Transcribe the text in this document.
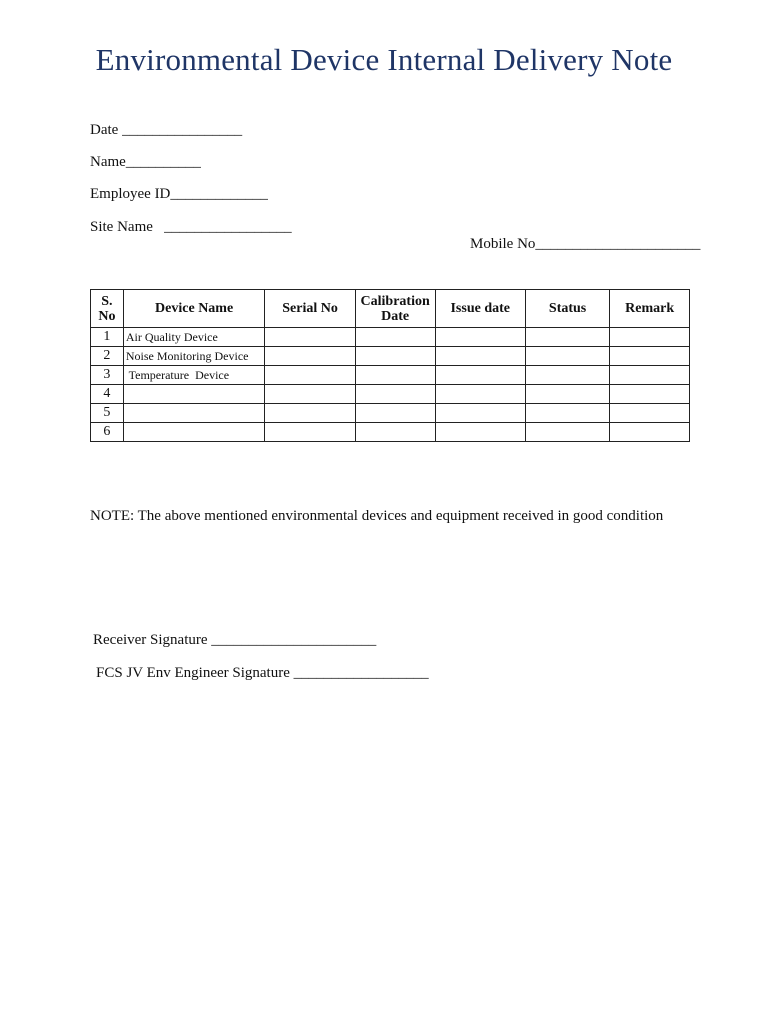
Environmental Device Internal Delivery Note
Date ________________
Name__________
Employee ID_____________
Site Name   _________________
Mobile No______________________
S. No	Device Name	Serial No	Calibration Date	Issue date	Status	Remark
1	Air Quality Device					
2	Noise Monitoring Device					
3	Temperature  Device					
4						
5						
6						
NOTE: The above mentioned environmental devices and equipment received in good condition
Receiver Signature ______________________
FCS JV Env Engineer Signature __________________
